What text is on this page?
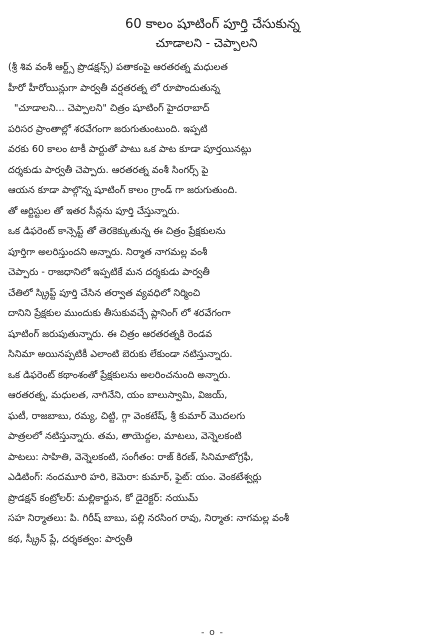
60 కాలం షూటింగ్ పూర్తి చేసుకున్న
చూడాలని - చెప్పాలని
(శ్రీ శివ వంశీ ఆర్ట్స్ ప్రొడక్షన్స్) పతాకంపై ఆరతరత్న మధులత
హీరో హీరోయిన్లుగా పార్వతీ వర్షతరత్న లో రూపొందుతున్న
"చూడాలని... చెప్పాలని" చిత్రం షూటింగ్ హైదరాబాద్
పరిసర ప్రాంతాల్లో శరవేగంగా జరుగుతుంటుంది. ఇప్పటి
వరకు 60 కాలం టాకీ పార్టుతో పాటు ఒక పాట కూడా పూర్తయినట్లు
దర్శకుడు పార్వతీ చెప్పారు. ఆరతరత్న వంశీ సింగర్స్ పై
ఆయన కూడా పాల్గొన్న షూటింగ్ కాలం గ్రాండ్ గా జరుగుతుంది.
తో ఆర్టిస్టుల తో ఇతర సీన్లను పూర్తి చేస్తున్నారు.
ఒక డిఫరెంట్ కాన్సెప్ట్ తో తెరకెక్కుతున్న ఈ చిత్రం ప్రేక్షకులను
పూర్తిగా అలరిస్తుందని అన్నారు. నిర్మాత నాగమల్ల వంశీ
చెప్పారు - రాజధానిలో ఇప్పటికే మన దర్శకుడు పార్వతీ
చేతిలో స్క్రిప్ట్ పూర్తి చేసిన తర్వాత వ్యవధిలో నిర్మించి
దానిని ప్రేక్షకుల ముందుకు తీసుకువచ్చే ప్లానింగ్ లో శరవేగంగా
షూటింగ్ జరుపుతున్నారు. ఈ చిత్రం ఆరతరత్నకి రెండవ
సినిమా అయినప్పటికీ ఎలాంటి బెరుకు లేకుండా నటిస్తున్నారు.
ఒక డిఫరెంట్ కథాంశంతో ప్రేక్షకులను అలరించనుంది అన్నారు.
ఆరతరత్న, మధులత, నాగినేని, యం బాలుస్వామి, విజయ్,
ఘటీ, రాజబాబు, రమ్య, చిట్టి, గ్గా వెంకటేష్, శ్రీ కుమార్ మొదలగు
పాత్రలలో నటిస్తున్నారు. తమ, తాయెద్దల, మాటలు, వెన్నెలకంటి
పాటలు: సాహితి, వెన్నెలకంటి, సంగీతం: రాజ్ కిరణ్, సినిమాటోగ్రఫీ,
ఎడిటింగ్: నందమూరి హరి, కెమెరా: కుమార్, ఫైట్: యం. వెంకటేశ్వర్లు
ప్రొడక్షన్ కంట్రోలర్: మల్లికార్జున, కో డైరెక్టర్: నయుమ్
సహ నిర్మాతలు: పి. గిరీష్ బాబు, పల్లి నరసింగ రావు, నిర్మాత: నాగమల్ల వంశీ
కథ, స్క్రీన్ ప్లే, దర్శకత్వం: పార్వతీ
- o -
